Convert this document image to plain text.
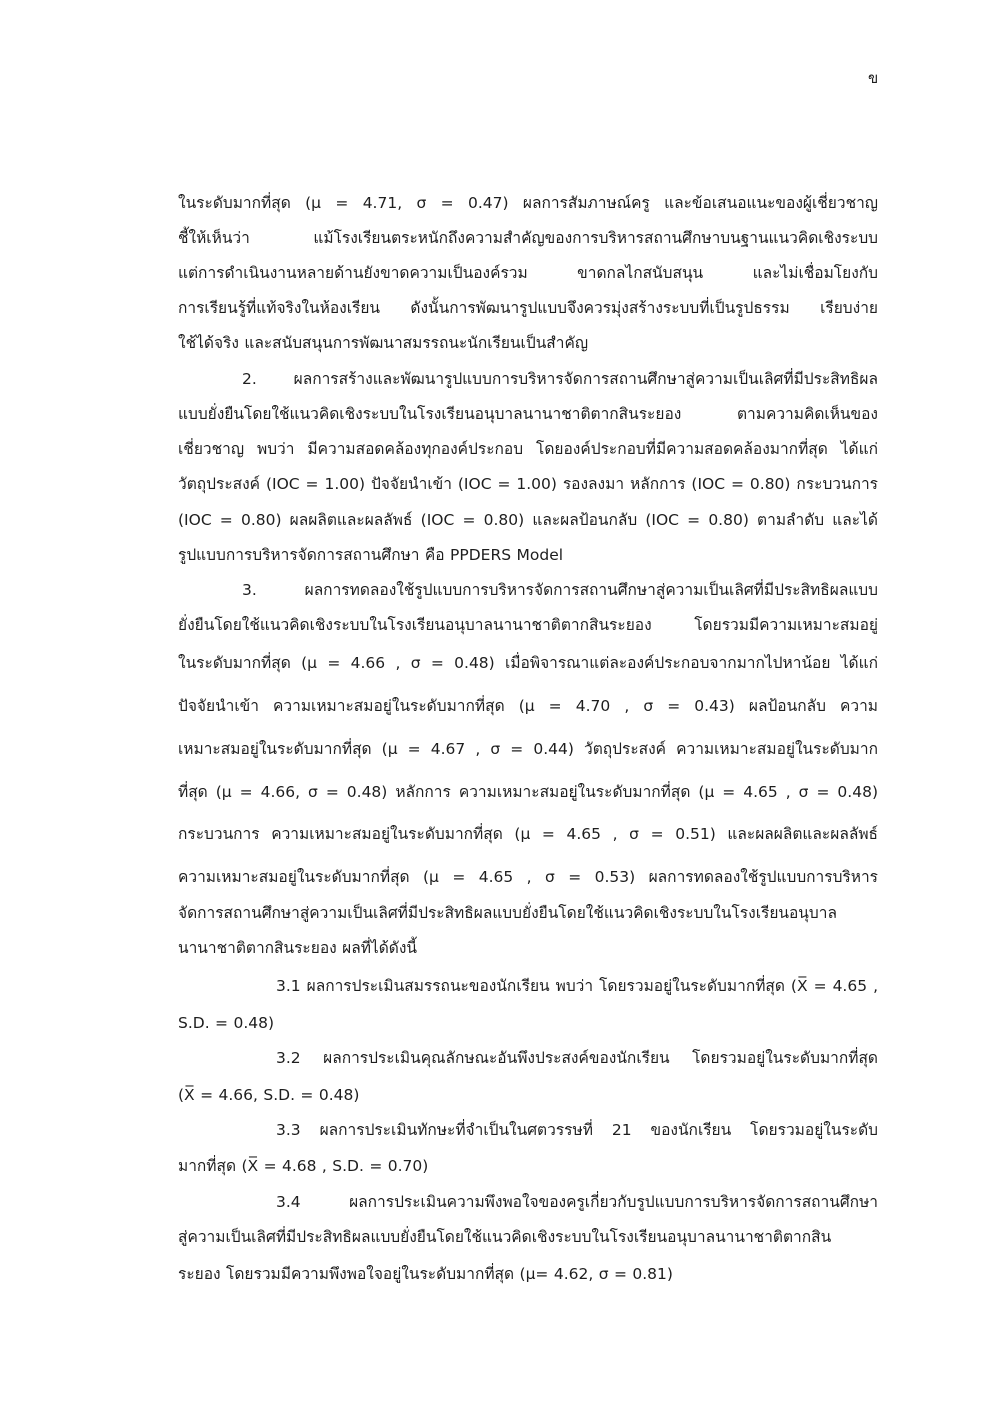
ข
ในระดับมากที่สุด (μ = 4.71, σ = 0.47) ผลการสัมภาษณ์ครู และข้อเสนอแนะของผู้เชี่ยวชาญ
ชี้ให้เห็นว่า แม้โรงเรียนตระหนักถึงความสำคัญของการบริหารสถานศึกษาบนฐานแนวคิดเชิงระบบ
แต่การดำเนินงานหลายด้านยังขาดความเป็นองค์รวม ขาดกลไกสนับสนุน และไม่เชื่อมโยงกับ
การเรียนรู้ที่แท้จริงในห้องเรียน ดังนั้นการพัฒนารูปแบบจึงควรมุ่งสร้างระบบที่เป็นรูปธรรม เรียบง่าย
ใช้ได้จริง และสนับสนุนการพัฒนาสมรรถนะนักเรียนเป็นสำคัญ
2. ผลการสร้างและพัฒนารูปแบบการบริหารจัดการสถานศึกษาสู่ความเป็นเลิศที่มีประสิทธิผล
แบบยั่งยืนโดยใช้แนวคิดเชิงระบบในโรงเรียนอนุบาลนานาชาติตากสินระยอง ตามความคิดเห็นของ
เชี่ยวชาญ พบว่า มีความสอดคล้องทุกองค์ประกอบ โดยองค์ประกอบที่มีความสอดคล้องมากที่สุด ได้แก่
วัตถุประสงค์ (IOC = 1.00) ปัจจัยนำเข้า (IOC = 1.00) รองลงมา หลักการ (IOC = 0.80) กระบวนการ
(IOC = 0.80) ผลผลิตและผลลัพธ์ (IOC = 0.80) และผลป้อนกลับ (IOC = 0.80) ตามลำดับ และได้
รูปแบบการบริหารจัดการสถานศึกษา คือ PPDERS Model
3. ผลการทดลองใช้รูปแบบการบริหารจัดการสถานศึกษาสู่ความเป็นเลิศที่มีประสิทธิผลแบบ
ยั่งยืนโดยใช้แนวคิดเชิงระบบในโรงเรียนอนุบาลนานาชาติตากสินระยอง โดยรวมมีความเหมาะสมอยู่
ในระดับมากที่สุด (μ = 4.66 , σ = 0.48) เมื่อพิจารณาแต่ละองค์ประกอบจากมากไปหาน้อย ได้แก่
ปัจจัยนำเข้า ความเหมาะสมอยู่ในระดับมากที่สุด (μ = 4.70 , σ = 0.43) ผลป้อนกลับ ความ
เหมาะสมอยู่ในระดับมากที่สุด (μ = 4.67 , σ = 0.44) วัตถุประสงค์ ความเหมาะสมอยู่ในระดับมาก
ที่สุด (μ = 4.66, σ = 0.48) หลักการ ความเหมาะสมอยู่ในระดับมากที่สุด (μ = 4.65 , σ = 0.48)
กระบวนการ ความเหมาะสมอยู่ในระดับมากที่สุด (μ = 4.65 , σ = 0.51) และผลผลิตและผลลัพธ์
ความเหมาะสมอยู่ในระดับมากที่สุด (μ = 4.65 , σ = 0.53) ผลการทดลองใช้รูปแบบการบริหาร
จัดการสถานศึกษาสู่ความเป็นเลิศที่มีประสิทธิผลแบบยั่งยืนโดยใช้แนวคิดเชิงระบบในโรงเรียนอนุบาล
นานาชาติตากสินระยอง ผลที่ได้ดังนี้
3.1 ผลการประเมินสมรรถนะของนักเรียน พบว่า โดยรวมอยู่ในระดับมากที่สุด (X̅ = 4.65 ,
S.D. = 0.48)
3.2 ผลการประเมินคุณลักษณะอันพึงประสงค์ของนักเรียน โดยรวมอยู่ในระดับมากที่สุด
(X̅ = 4.66, S.D. = 0.48)
3.3 ผลการประเมินทักษะที่จำเป็นในศตวรรษที่ 21 ของนักเรียน โดยรวมอยู่ในระดับ
มากที่สุด (X̅ = 4.68 , S.D. = 0.70)
3.4 ผลการประเมินความพึงพอใจของครูเกี่ยวกับรูปแบบการบริหารจัดการสถานศึกษา
สู่ความเป็นเลิศที่มีประสิทธิผลแบบยั่งยืนโดยใช้แนวคิดเชิงระบบในโรงเรียนอนุบาลนานาชาติตากสิน
ระยอง โดยรวมมีความพึงพอใจอยู่ในระดับมากที่สุด (μ= 4.62, σ = 0.81)
